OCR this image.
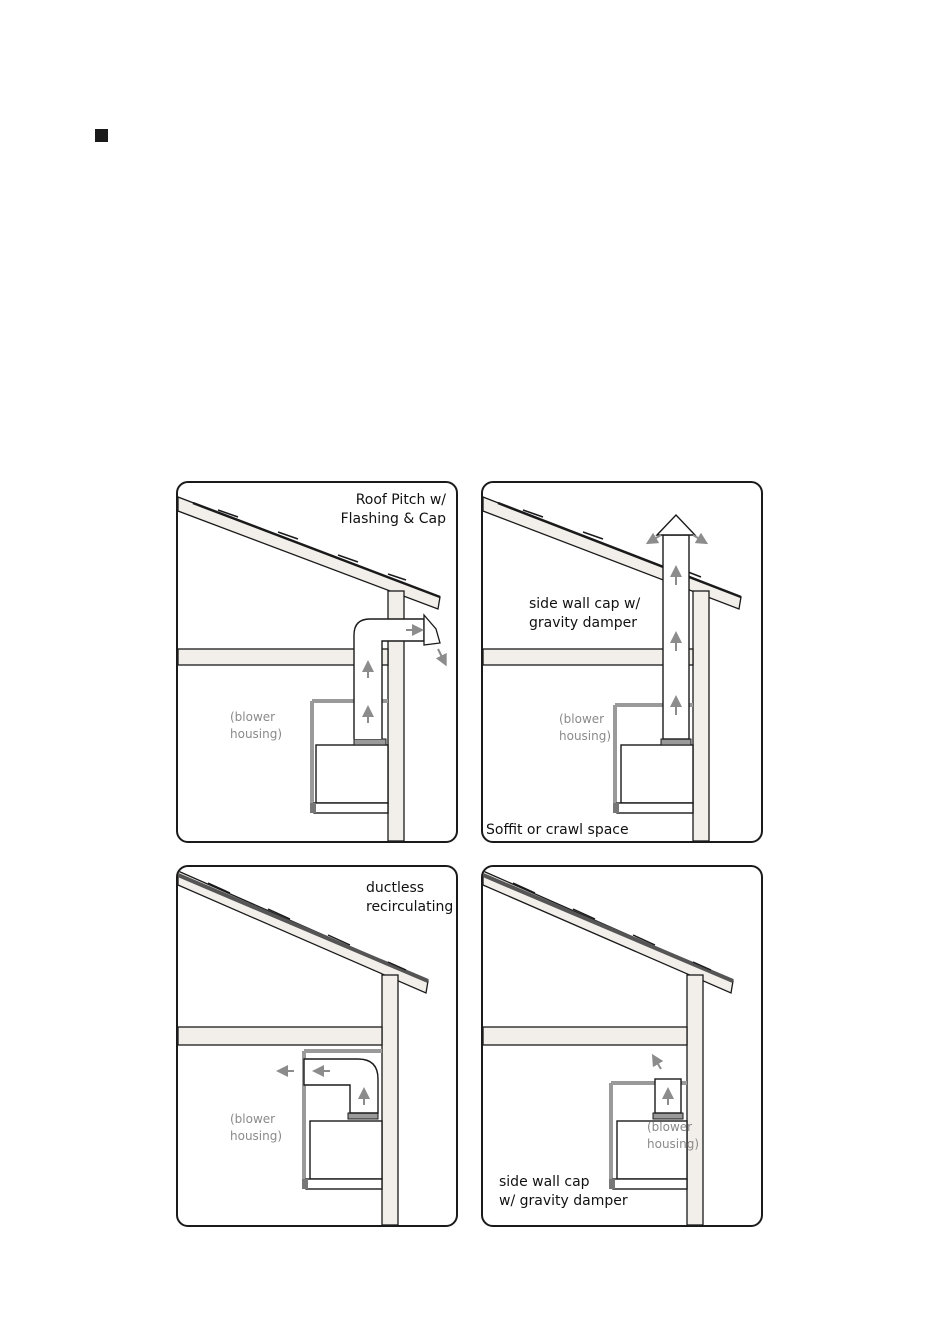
Roof Pitch w/
Flashing & Cap
(blower
housing)
side wall cap w/
gravity damper
(blower
housing)
Soffit or crawl space
ductless
recirculating
(blower
housing)
side wall cap
w/ gravity damper
(blower
housing)
